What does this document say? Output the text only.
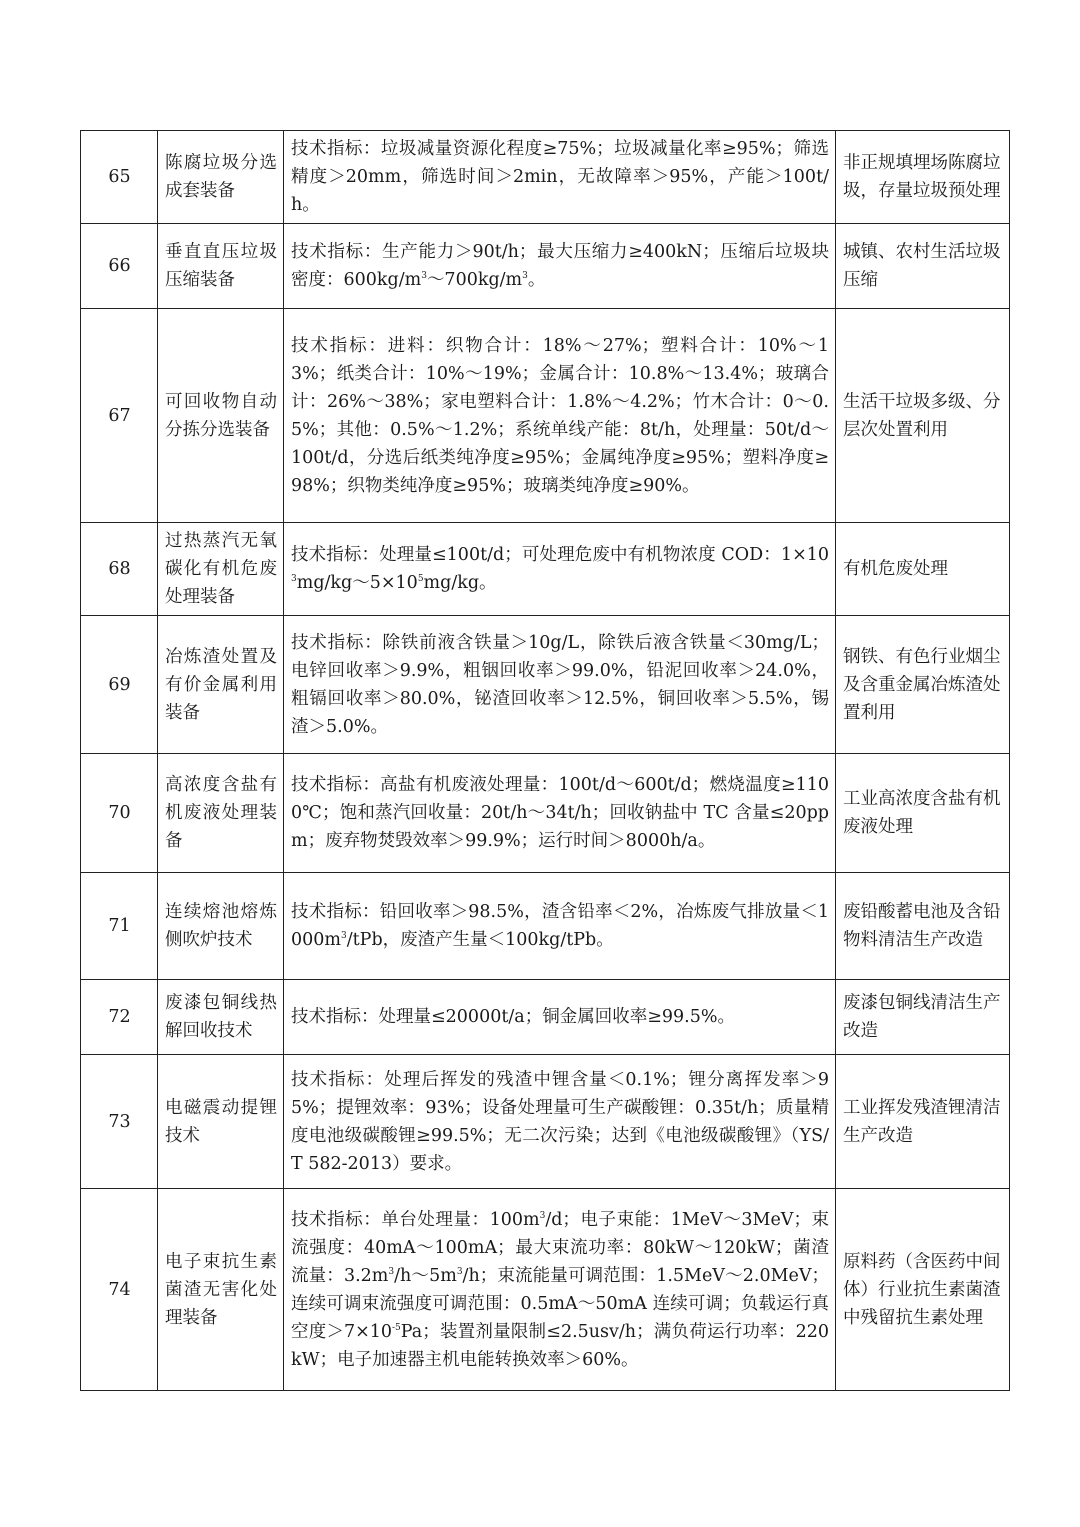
65	陈腐垃圾分选成套装备	技术指标：垃圾减量资源化程度≥75%；垃圾减量化率≥95%；筛选精度＞20mm，筛选时间＞2min，无故障率＞95%，产能＞100t/h。	非正规填埋场陈腐垃圾，存量垃圾预处理
66	垂直直压垃圾压缩装备	技术指标：生产能力＞90t/h；最大压缩力≥400kN；压缩后垃圾块密度：$600kg/m^3\sim 700kg/m^3$。	城镇、农村生活垃圾压缩
67	可回收物自动分拣分选装备	技术指标：进料：织物合计：18%～27%；塑料合计：10%～13%；纸类合计：10%～19%；金属合计：10.8%～13.4%；玻璃合计：26%～38%；家电塑料合计：1.8%～4.2%；竹木合计：0～0.5%；其他：0.5%～1.2%；系统单线产能：8t/h，处理量：50t/d～100t/d，分选后纸类纯净度≥95%；金属纯净度≥95%；塑料净度≥98%；织物类纯净度≥95%；玻璃类纯净度≥90%。	生活干垃圾多级、分层次处置利用
68	过热蒸汽无氧碳化有机危废处理装备	技术指标：处理量≤100t/d；可处理危废中有机物浓度 COD：$1\times 10^3mg/kg\sim 5\times 10^5mg/kg$。	有机危废处理
69	冶炼渣处置及有价金属利用装备	技术指标：除铁前液含铁量＞10g/L，除铁后液含铁量＜30mg/L；电锌回收率＞9.9%，粗铟回收率＞99.0%，铅泥回收率＞24.0%，粗镉回收率＞80.0%，铋渣回收率＞12.5%，铜回收率＞5.5%，锡渣＞5.0%。	钢铁、有色行业烟尘及含重金属冶炼渣处置利用
70	高浓度含盐有机废液处理装备	技术指标：高盐有机废液处理量：100t/d～600t/d；燃烧温度≥1100℃；饱和蒸汽回收量：20t/h～34t/h；回收钠盐中 TC 含量≤20ppm；废弃物焚毁效率＞99.9%；运行时间＞8000h/a。	工业高浓度含盐有机废液处理
71	连续熔池熔炼侧吹炉技术	技术指标：铅回收率＞98.5%，渣含铅率＜2%，冶炼废气排放量$<1000m^3$/tPb，废渣产生量＜100kg/tPb。	废铅酸蓄电池及含铅物料清洁生产改造
72	废漆包铜线热解回收技术	技术指标：处理量≤20000t/a；铜金属回收率≥99.5%。	废漆包铜线清洁生产改造
73	电磁震动提锂技术	技术指标：处理后挥发的残渣中锂含量＜0.1%；锂分离挥发率＞95%；提锂效率：93%；设备处理量可生产碳酸锂：0.35t/h；质量精度电池级碳酸锂≥99.5%；无二次污染；达到《电池级碳酸锂》（YS/T 582-2013）要求。	工业挥发残渣锂清洁生产改造
74	电子束抗生素菌渣无害化处理装备	技术指标：单台处理量：$100m^3/d$；电子束能：1MeV～3MeV；束流强度：40mA～100mA；最大束流功率：80kW～120kW；菌渣流量：$3.2m^3/h\sim 5m^3/h$；束流能量可调范围：1.5MeV～2.0MeV；连续可调束流强度可调范围：0.5mA～50mA 连续可调；负载运行真空度$>7\times 10^{-5}Pa$；装置剂量限制≤2.5usv/h；满负荷运行功率：220kW；电子加速器主机电能转换效率＞60%。	原料药（含医药中间体）行业抗生素菌渣中残留抗生素处理
